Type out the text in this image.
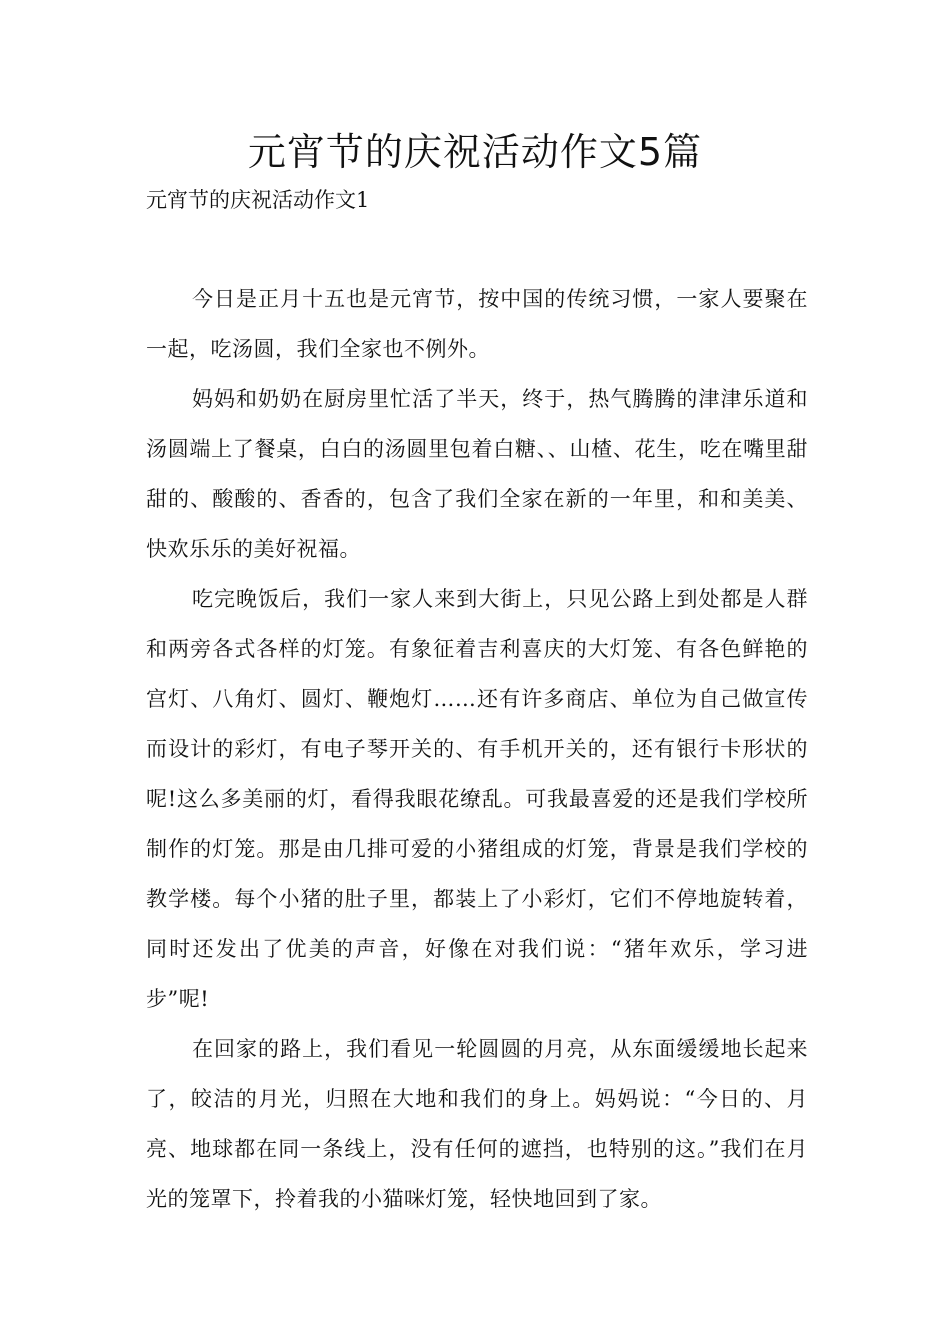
元宵节的庆祝活动作文5篇
元宵节的庆祝活动作文1

今日是正月十五也是元宵节，按中国的传统习惯，一家人要聚在一起，吃汤圆，我们全家也不例外。

妈妈和奶奶在厨房里忙活了半天，终于，热气腾腾的津津乐道和汤圆端上了餐桌，白白的汤圆里包着白糖、、山楂、花生，吃在嘴里甜甜的、酸酸的、香香的，包含了我们全家在新的一年里，和和美美、快欢乐乐的美好祝福。

吃完晚饭后，我们一家人来到大街上，只见公路上到处都是人群和两旁各式各样的灯笼。有象征着吉利喜庆的大灯笼、有各色鲜艳的宫灯、八角灯、圆灯、鞭炮灯……还有许多商店、单位为自己做宣传而设计的彩灯，有电子琴开关的、有手机开关的，还有银行卡形状的呢!这么多美丽的灯，看得我眼花缭乱。可我最喜爱的还是我们学校所制作的灯笼。那是由几排可爱的小猪组成的灯笼，背景是我们学校的教学楼。每个小猪的肚子里，都装上了小彩灯，它们不停地旋转着，同时还发出了优美的声音，好像在对我们说：“猪年欢乐，学习进步”呢!

在回家的路上，我们看见一轮圆圆的月亮，从东面缓缓地长起来了，皎洁的月光，归照在大地和我们的身上。妈妈说：“今日的、月亮、地球都在同一条线上，没有任何的遮挡，也特别的这。”我们在月光的笼罩下，拎着我的小猫咪灯笼，轻快地回到了家。
